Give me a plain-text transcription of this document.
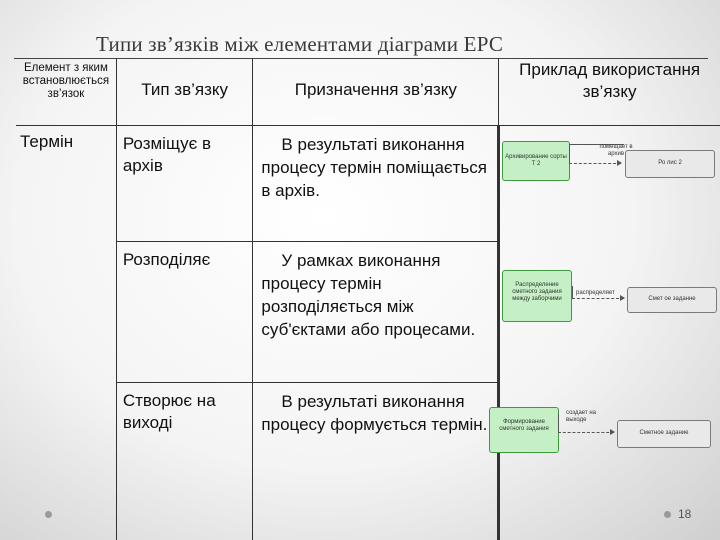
Типи зв’язків між елементами діаграми ЕРС
Елемент з яким встановлюється зв’язок	Тип зв’язку	Призначення зв’язку	Приклад використання зв’язку

Термін	Розміщує в архів	В результаті виконання процесу термін поміщається в архів.	

	Розподіляє	У рамках виконання процесу термін розподіляється між суб'єктами або процесами.	

	Створює на виході	В результаті виконання процесу формується термін.	

Архивирование сорты Т 2
помещает в архив
Ро лис 2
Распределение сметного задания между заборчими
распределяет
Смет ое заданне
Формирование сметного задания
создает на выходе
Сметное задание
18
